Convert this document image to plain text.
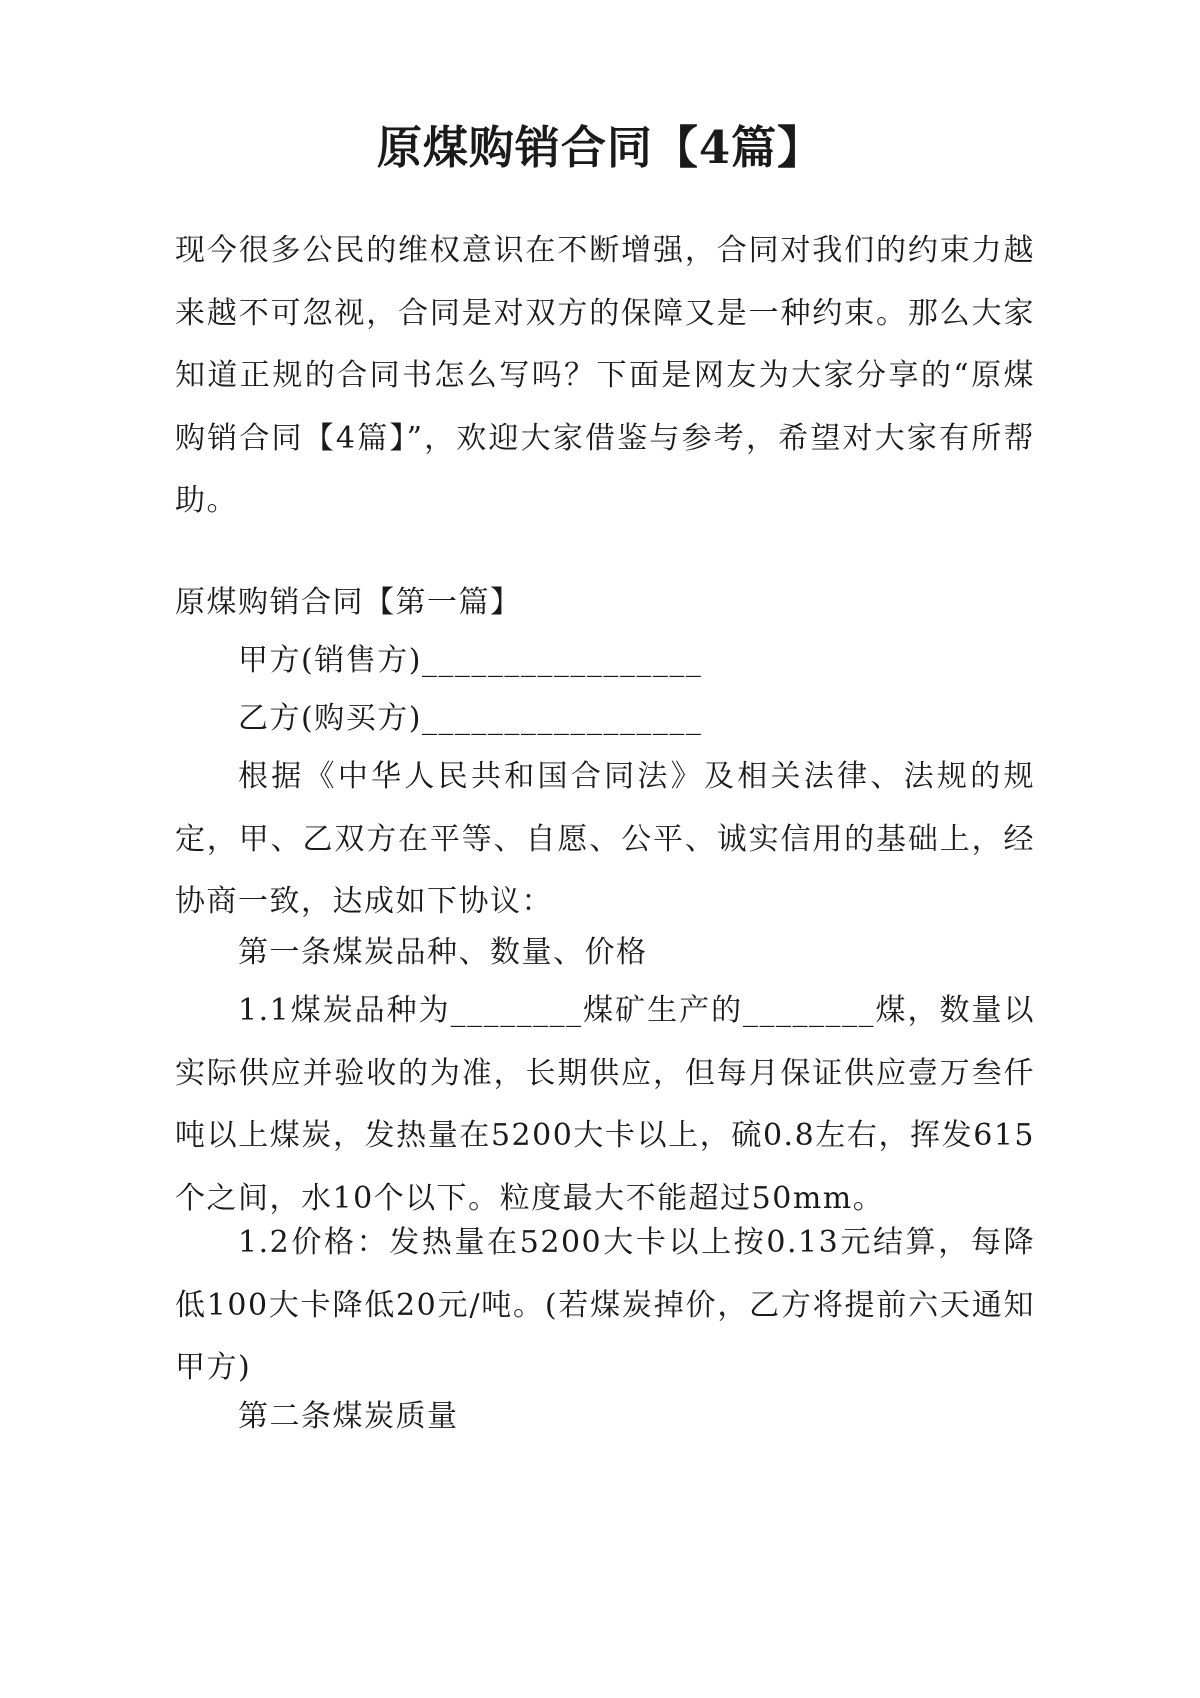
原煤购销合同【4篇】

现今很多公民的维权意识在不断增强，合同对我们的约束力越来越不可忽视，合同是对双方的保障又是一种约束。那么大家知道正规的合同书怎么写吗？下面是网友为大家分享的“原煤购销合同【4篇】”，欢迎大家借鉴与参考，希望对大家有所帮助。

原煤购销合同【第一篇】

甲方(销售方)_________________

乙方(购买方)_________________

根据《中华人民共和国合同法》及相关法律、法规的规定，甲、乙双方在平等、自愿、公平、诚实信用的基础上，经协商一致，达成如下协议：

第一条煤炭品种、数量、价格

1.1煤炭品种为________煤矿生产的________煤，数量以实际供应并验收的为准，长期供应，但每月保证供应壹万叁仟吨以上煤炭，发热量在5200大卡以上，硫0.8左右，挥发615个之间，水10个以下。粒度最大不能超过50mm。

1.2价格：发热量在5200大卡以上按0.13元结算，每降低100大卡降低20元/吨。(若煤炭掉价，乙方将提前六天通知甲方)

第二条煤炭质量
